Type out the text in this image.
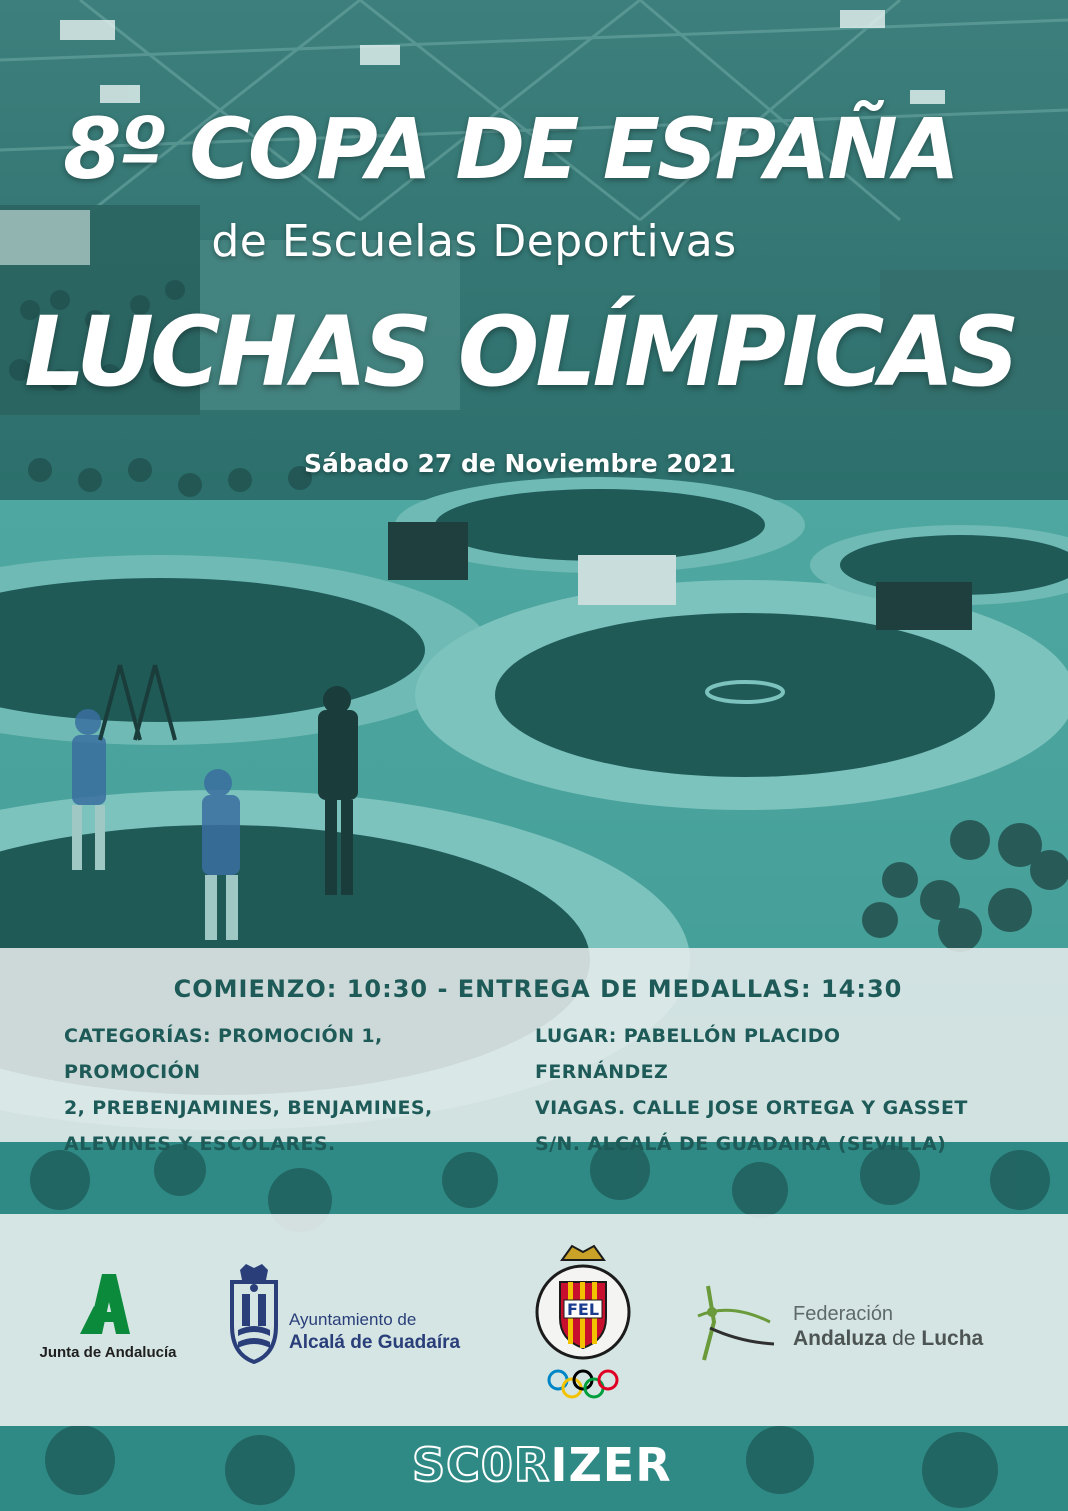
8º COPA DE ESPAÑA
de Escuelas Deportivas
LUCHAS OLÍMPICAS
Sábado 27 de Noviembre 2021
COMIENZO: 10:30 - ENTREGA DE MEDALLAS: 14:30
CATEGORÍAS: PROMOCIÓN 1, PROMOCIÓN
2, PREBENJAMINES, BENJAMINES,
ALEVINES Y ESCOLARES.
LUGAR: PABELLÓN PLACIDO FERNÁNDEZ
VIAGAS. CALLE JOSE ORTEGA Y GASSET
S/N. ALCALÁ DE GUADAIRA (SEVILLA)
Junta de Andalucía
Ayuntamiento de
Alcalá de Guadaíra
FEL	Federación
Andaluza de Lucha
SC0RIZER
